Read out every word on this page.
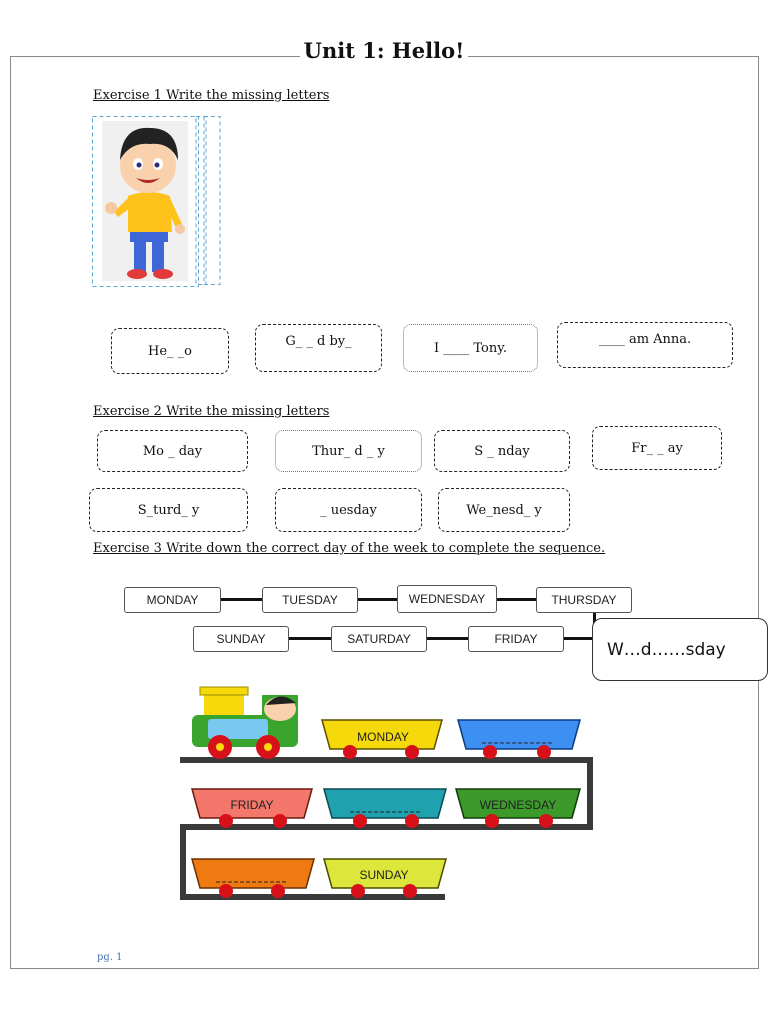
Unit 1: Hello!
Exercise 1 Write the missing letters
He_ _o
G_ _ d by_	I ____ Tony.
____ am Anna.
Exercise 2 Write the missing letters
Mo _ day	Thur_ d _ y	S _ nday	Fr_ _ ay
S_turd_ y	_ uesday	We_nesd_ y
Exercise 3 Write down the correct day of the week to complete the sequence.
MONDAY	TUESDAY	WEDNESDAY	THURSDAY
SUNDAY	SATURDAY	FRIDAY
W…d……sday
MONDAY
FRIDAY	WEDNESDAY
SUNDAY
pg. 1
